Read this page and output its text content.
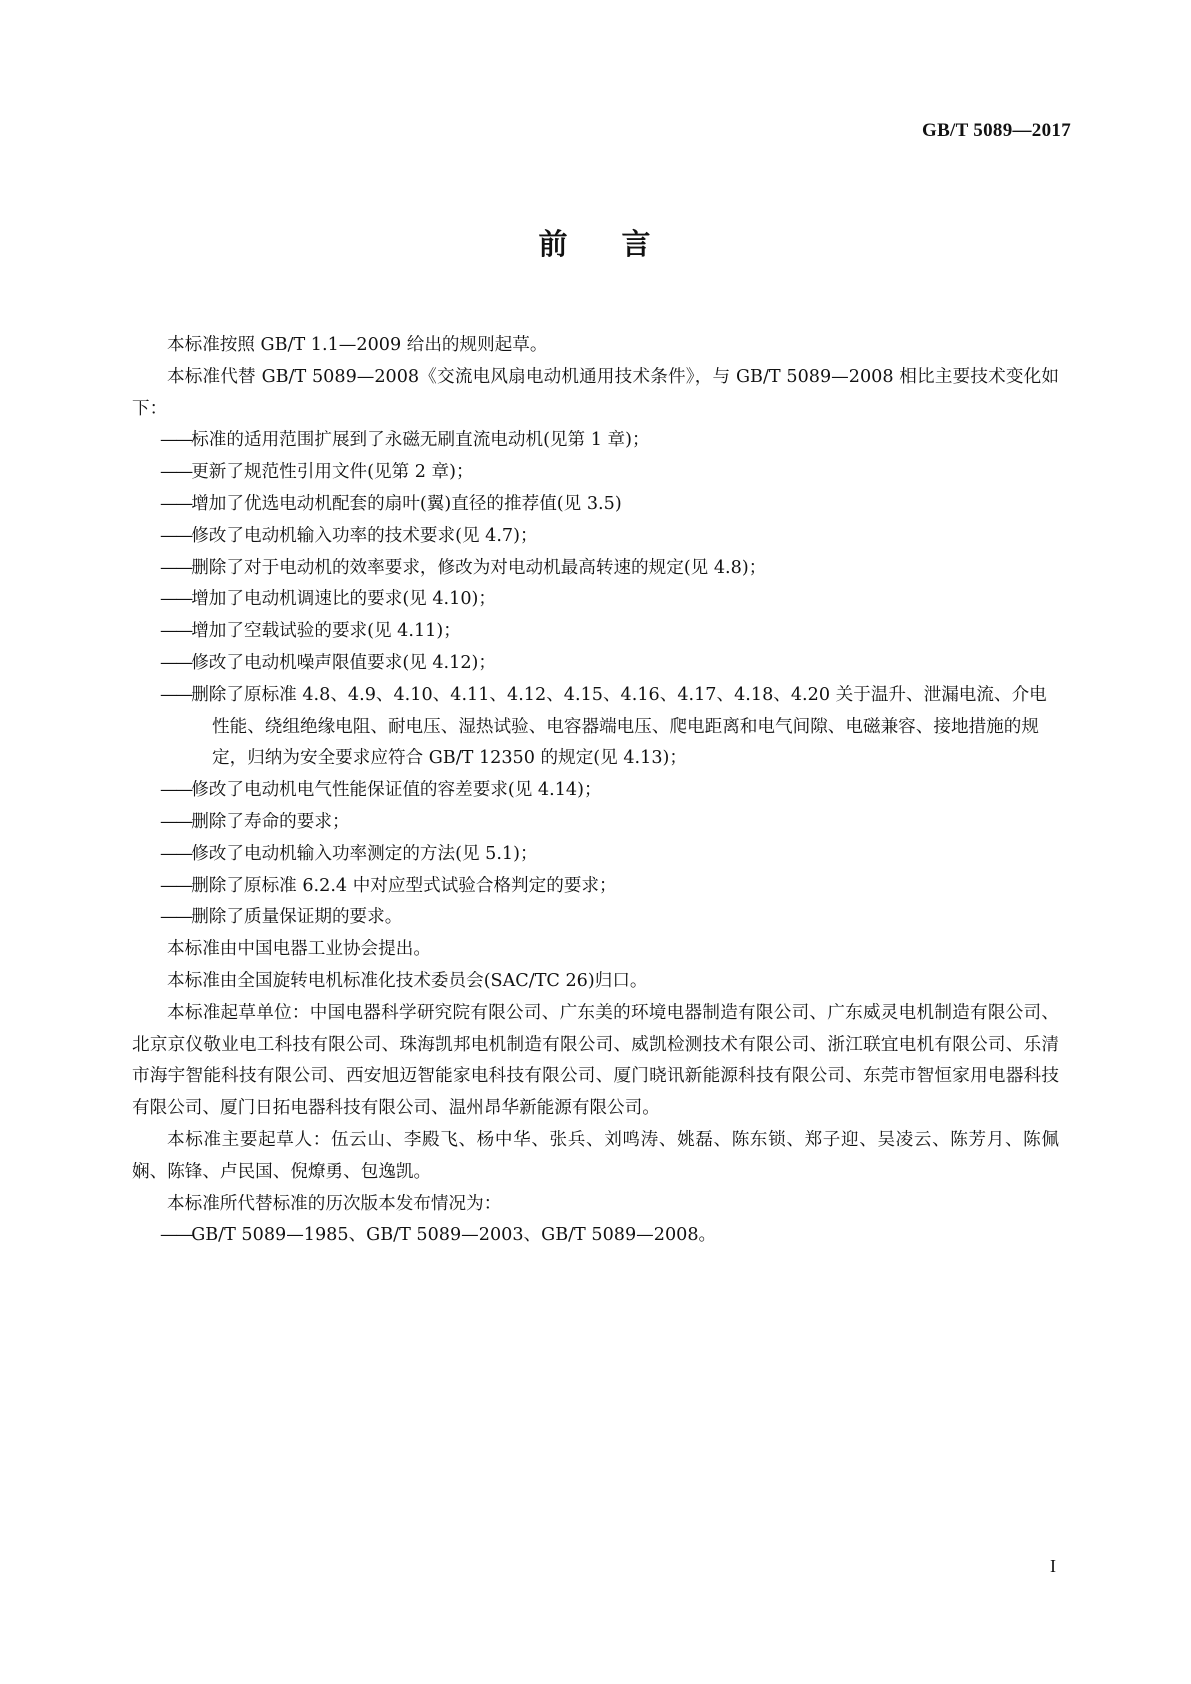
GB/T 5089—2017
前 言

本标准按照 GB/T 1.1—2009 给出的规则起草。

本标准代替 GB/T 5089—2008《交流电风扇电动机通用技术条件》，与 GB/T 5089—2008 相比主要技术变化如下：

——标准的适用范围扩展到了永磁无刷直流电动机(见第 1 章)；

——更新了规范性引用文件(见第 2 章)；

——增加了优选电动机配套的扇叶(翼)直径的推荐值(见 3.5)

——修改了电动机输入功率的技术要求(见 4.7)；

——删除了对于电动机的效率要求，修改为对电动机最高转速的规定(见 4.8)；

——增加了电动机调速比的要求(见 4.10)；

——增加了空载试验的要求(见 4.11)；

——修改了电动机噪声限值要求(见 4.12)；

——删除了原标准 4.8、4.9、4.10、4.11、4.12、4.15、4.16、4.17、4.18、4.20 关于温升、泄漏电流、介电性能、绕组绝缘电阻、耐电压、湿热试验、电容器端电压、爬电距离和电气间隙、电磁兼容、接地措施的规定，归纳为安全要求应符合 GB/T 12350 的规定(见 4.13)；

——修改了电动机电气性能保证值的容差要求(见 4.14)；

——删除了寿命的要求；

——修改了电动机输入功率测定的方法(见 5.1)；

——删除了原标准 6.2.4 中对应型式试验合格判定的要求；

——删除了质量保证期的要求。

本标准由中国电器工业协会提出。

本标准由全国旋转电机标准化技术委员会(SAC/TC 26)归口。

本标准起草单位：中国电器科学研究院有限公司、广东美的环境电器制造有限公司、广东威灵电机制造有限公司、北京京仪敬业电工科技有限公司、珠海凯邦电机制造有限公司、威凯检测技术有限公司、浙江联宜电机有限公司、乐清市海宇智能科技有限公司、西安旭迈智能家电科技有限公司、厦门晓讯新能源科技有限公司、东莞市智恒家用电器科技有限公司、厦门日拓电器科技有限公司、温州昂华新能源有限公司。

本标准主要起草人：伍云山、李殿飞、杨中华、张兵、刘鸣涛、姚磊、陈东锁、郑子迎、吴凌云、陈芳月、陈佩娴、陈锋、卢民国、倪燎勇、包逸凯。

本标准所代替标准的历次版本发布情况为：

——GB/T 5089—1985、GB/T 5089—2003、GB/T 5089—2008。

I
